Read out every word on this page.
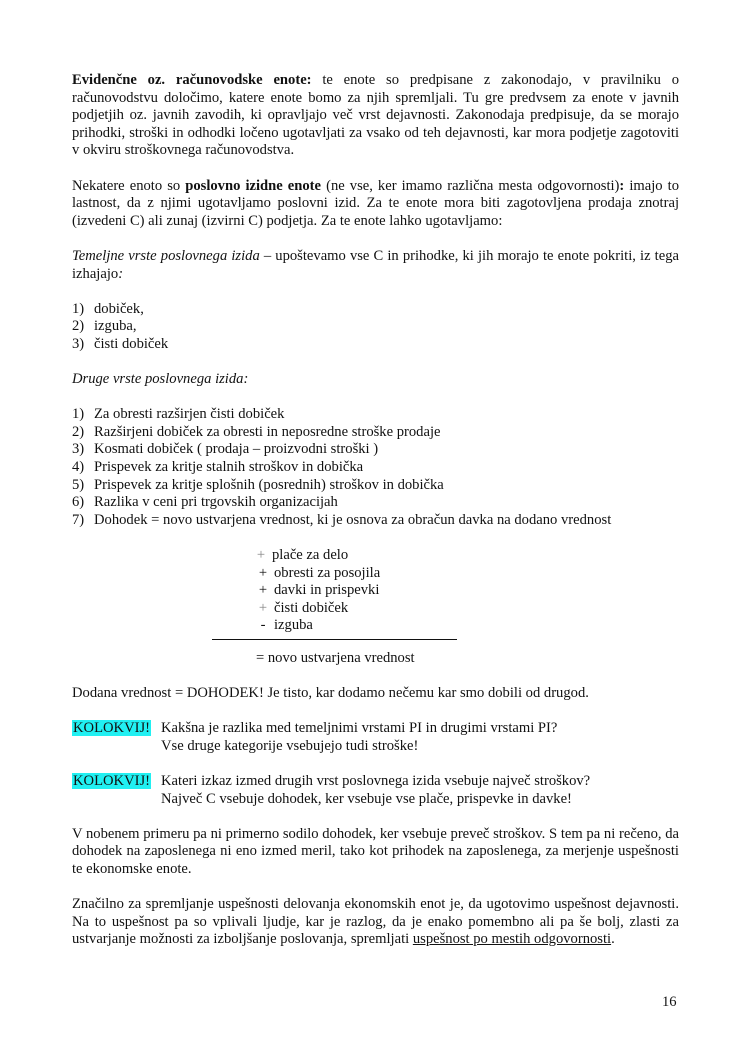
Evidenčne oz. računovodske enote: te enote so predpisane z zakonodajo, v pravilniku o računovodstvu določimo, katere enote bomo za njih spremljali. Tu gre predvsem za enote v javnih podjetjih oz. javnih zavodih, ki opravljajo več vrst dejavnosti. Zakonodaja predpisuje, da se morajo prihodki, stroški in odhodki ločeno ugotavljati za vsako od teh dejavnosti, kar mora podjetje zagotoviti v okviru stroškovnega računovodstva.

Nekatere enoto so poslovno izidne enote (ne vse, ker imamo različna mesta odgovornosti): imajo to lastnost, da z njimi ugotavljamo poslovni izid. Za te enote mora biti zagotovljena prodaja znotraj (izvedeni C) ali zunaj (izvirni C) podjetja. Za te enote lahko ugotavljamo:

Temeljne vrste poslovnega izida – upoštevamo vse C in prihodke, ki jih morajo te enote pokriti, iz tega izhajajo:

1) dobiček,
2) izguba,
3) čisti dobiček

Druge vrste poslovnega izida:

1) Za obresti razširjen čisti dobiček
2) Razširjeni dobiček za obresti in neposredne stroške prodaje
3) Kosmati dobiček ( prodaja – proizvodni stroški )
4) Prispevek za kritje stalnih stroškov in dobička
5) Prispevek za kritje splošnih (posrednih) stroškov in dobička
6) Razlika v ceni pri trgovskih organizacijah
7) Dohodek = novo ustvarjena vrednost, ki je osnova za obračun davka na dodano vrednost
+ plače za delo
+ obresti za posojila
+ davki in prispevki
+ čisti dobiček
- izguba
= novo ustvarjena vrednost

Dodana vrednost = DOHODEK! Je tisto, kar dodamo nečemu kar smo dobili od drugod.

KOLOKVIJ! Kakšna je razlika med temeljnimi vrstami PI in drugimi vrstami PI?

Vse druge kategorije vsebujejo tudi stroške!

KOLOKVIJ! Kateri izkaz izmed drugih vrst poslovnega izida vsebuje največ stroškov?

Največ C vsebuje dohodek, ker vsebuje vse plače, prispevke in davke!

V nobenem primeru pa ni primerno sodilo dohodek, ker vsebuje preveč stroškov. S tem pa ni rečeno, da dohodek na zaposlenega ni eno izmed meril, tako kot prihodek na zaposlenega, za merjenje uspešnosti te ekonomske enote.

Značilno za spremljanje uspešnosti delovanja ekonomskih enot je, da ugotovimo uspešnost dejavnosti. Na to uspešnost pa so vplivali ljudje, kar je razlog, da je enako pomembno ali pa še bolj, zlasti za ustvarjanje možnosti za izboljšanje poslovanja, spremljati uspešnost po mestih odgovornosti.

16
